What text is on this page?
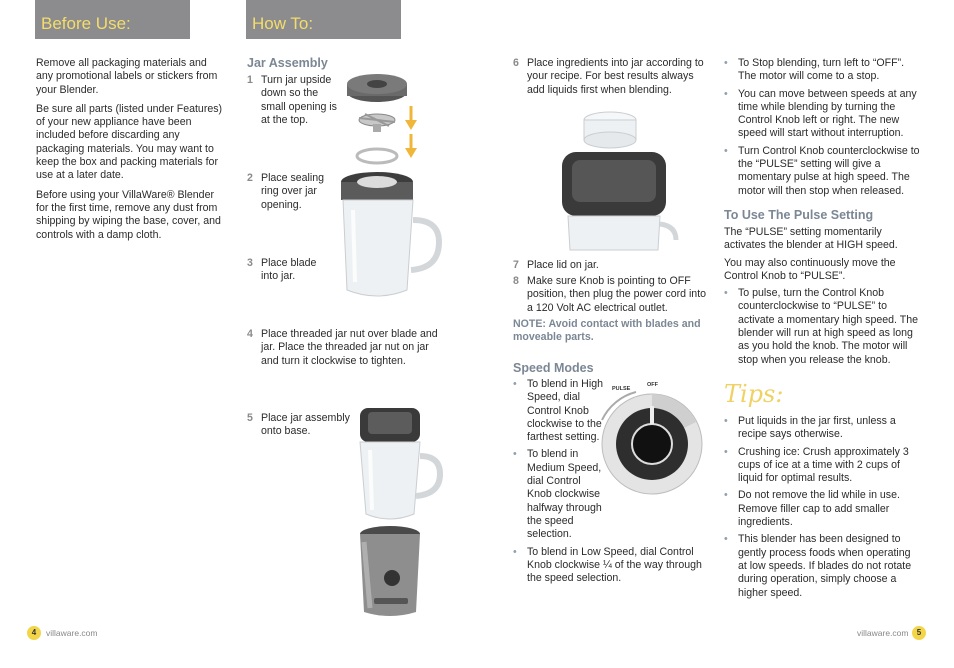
Before Use:	How To:

Remove all packaging materials and any promotional labels or stickers from your Blender.

Be sure all parts (listed under Features) of your new appliance have been included before discarding any packaging materials. You may want to keep the box and packing materials for use at a later date.

Before using your VillaWare® Blender for the first time, remove any dust from shipping by wiping the base, cover, and controls with a damp cloth.

Jar Assembly
1 Turn jar upside down so the small opening is at the top.
2 Place sealing ring over jar opening.
3 Place blade into jar.
4 Place threaded jar nut over blade and jar. Place the threaded jar nut on jar and turn it clockwise to tighten.
5 Place jar assembly onto base.
6 Place ingredients into jar according to your recipe. For best results always add liquids first when blending.
7 Place lid on jar.
8 Make sure Knob is pointing to OFF position, then plug the power cord into a 120 Volt AC electrical outlet.
NOTE: Avoid contact with blades and moveable parts.
Speed Modes
• To blend in High Speed, dial Control Knob clockwise to the farthest setting.
• To blend in Medium Speed, dial Control Knob clockwise halfway through the speed selection.
• To blend in Low Speed, dial Control Knob clockwise ¼ of the way through the speed selection.
PULSE
OFF
• To Stop blending, turn left to “OFF”. The motor will come to a stop.
• You can move between speeds at any time while blending by turning the Control Knob left or right. The new speed will start without interruption.
• Turn Control Knob counterclockwise to the “PULSE” setting will give a momentary pulse at high speed. The motor will then stop when released.
To Use The Pulse Setting

The “PULSE” setting momentarily activates the blender at HIGH speed.

You may also continuously move the Control Knob to “PULSE”.

• To pulse, turn the Control Knob counterclockwise to “PULSE” to activate a momentary high speed. The blender will run at high speed as long as you hold the knob. The motor will stop when you release the knob.
Tips:
• Put liquids in the jar first, unless a recipe says otherwise.
• Crushing ice: Crush approximately 3 cups of ice at a time with 2 cups of liquid for optimal results.
• Do not remove the lid while in use. Remove filler cap to add smaller ingredients.
• This blender has been designed to gently process foods when operating at low speeds. If blades do not rotate during operation, simply choose a higher speed.
4	villaware.com	villaware.com	5
